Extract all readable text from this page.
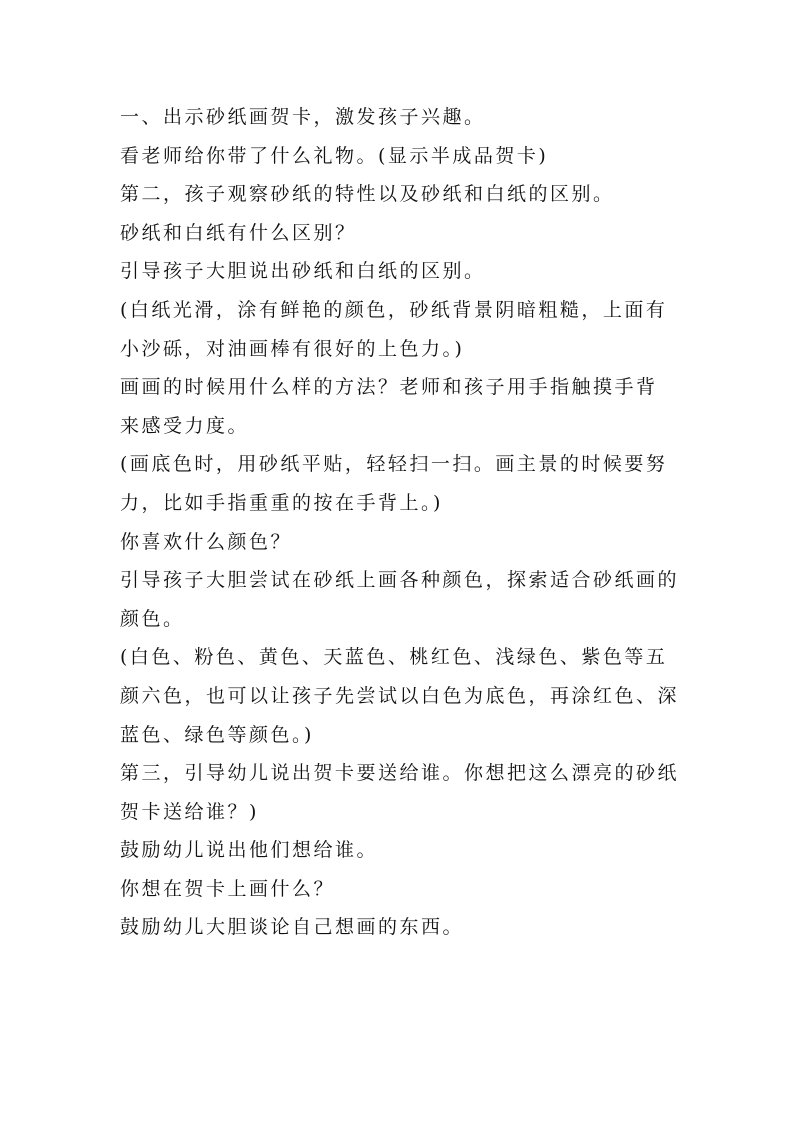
一、出示砂纸画贺卡，激发孩子兴趣。
看老师给你带了什么礼物。(显示半成品贺卡)
第二，孩子观察砂纸的特性以及砂纸和白纸的区别。
砂纸和白纸有什么区别？
引导孩子大胆说出砂纸和白纸的区别。
(白纸光滑，涂有鲜艳的颜色，砂纸背景阴暗粗糙，上面有
小沙砾，对油画棒有很好的上色力。)
画画的时候用什么样的方法？老师和孩子用手指触摸手背
来感受力度。
(画底色时，用砂纸平贴，轻轻扫一扫。画主景的时候要努
力，比如手指重重的按在手背上。)
你喜欢什么颜色？
引导孩子大胆尝试在砂纸上画各种颜色，探索适合砂纸画的
颜色。
(白色、粉色、黄色、天蓝色、桃红色、浅绿色、紫色等五
颜六色，也可以让孩子先尝试以白色为底色，再涂红色、深
蓝色、绿色等颜色。)
第三，引导幼儿说出贺卡要送给谁。你想把这么漂亮的砂纸
贺卡送给谁？)
鼓励幼儿说出他们想给谁。
你想在贺卡上画什么？
鼓励幼儿大胆谈论自己想画的东西。
